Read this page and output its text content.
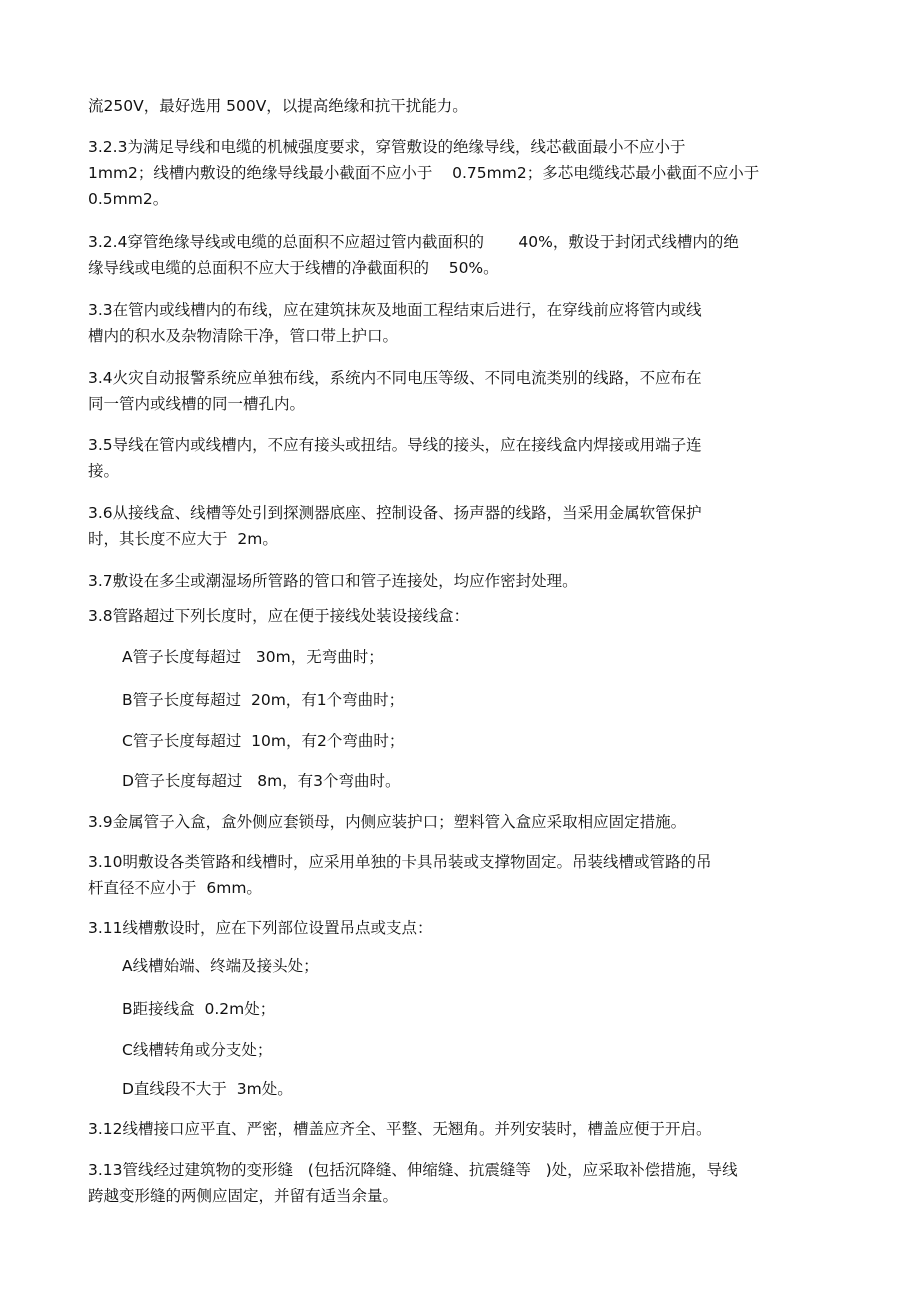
流250V，最好选用 500V，以提高绝缘和抗干扰能力。
3.2.3为满足导线和电缆的机械强度要求，穿管敷设的绝缘导线，线芯截面最小不应小于
1mm2；线槽内敷设的绝缘导线最小截面不应小于    0.75mm2；多芯电缆线芯最小截面不应小于
0.5mm2。
3.2.4穿管绝缘导线或电缆的总面积不应超过管内截面积的       40%，敷设于封闭式线槽内的绝
缘导线或电缆的总面积不应大于线槽的净截面积的    50%。
3.3在管内或线槽内的布线，应在建筑抹灰及地面工程结束后进行，在穿线前应将管内或线
槽内的积水及杂物清除干净，管口带上护口。
3.4火灾自动报警系统应单独布线，系统内不同电压等级、不同电流类别的线路，不应布在
同一管内或线槽的同一槽孔内。
3.5导线在管内或线槽内，不应有接头或扭结。导线的接头，应在接线盒内焊接或用端子连
接。
3.6从接线盒、线槽等处引到探测器底座、控制设备、扬声器的线路，当采用金属软管保护
时，其长度不应大于  2m。
3.7敷设在多尘或潮湿场所管路的管口和管子连接处，均应作密封处理。
3.8管路超过下列长度时，应在便于接线处装设接线盒：
A管子长度每超过   30m，无弯曲时；
B管子长度每超过  20m，有1个弯曲时；
C管子长度每超过  10m，有2个弯曲时；
D管子长度每超过   8m，有3个弯曲时。
3.9金属管子入盒，盒外侧应套锁母，内侧应装护口；塑料管入盒应采取相应固定措施。
3.10明敷设各类管路和线槽时，应采用单独的卡具吊装或支撑物固定。吊装线槽或管路的吊
杆直径不应小于  6mm。
3.11线槽敷设时，应在下列部位设置吊点或支点：
A线槽始端、终端及接头处；
B距接线盒  0.2m处；
C线槽转角或分支处；
D直线段不大于  3m处。
3.12线槽接口应平直、严密，槽盖应齐全、平整、无翘角。并列安装时，槽盖应便于开启。
3.13管线经过建筑物的变形缝   (包括沉降缝、伸缩缝、抗震缝等   )处，应采取补偿措施，导线
跨越变形缝的两侧应固定，并留有适当余量。
